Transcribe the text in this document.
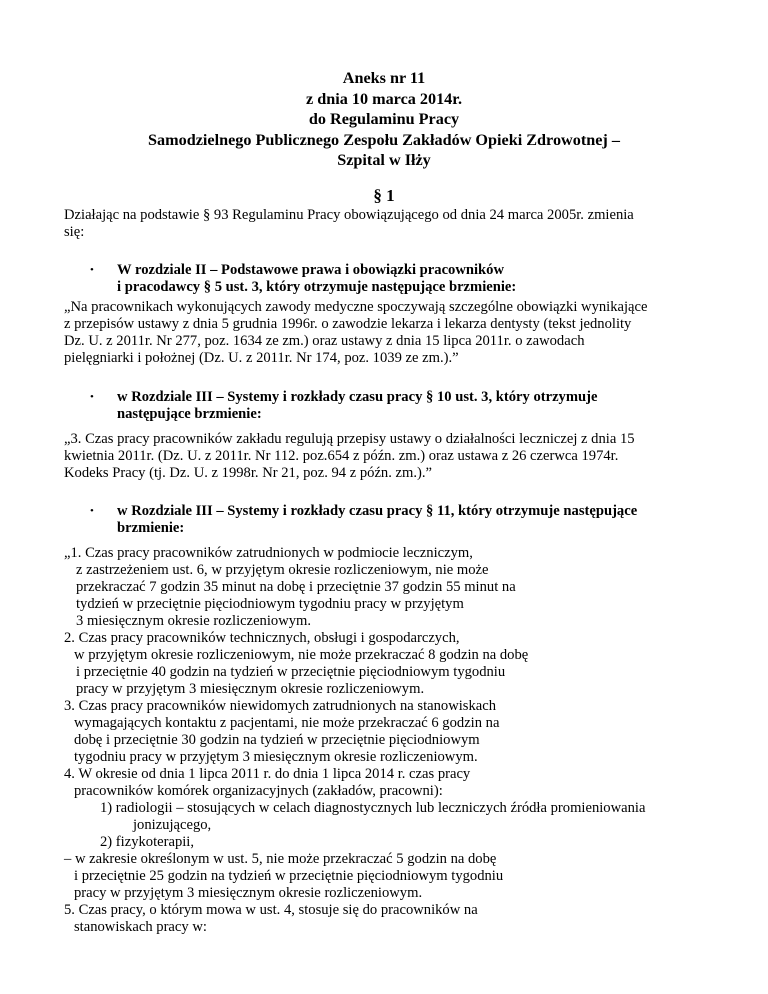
Aneks nr 11
z dnia 10 marca 2014r.
do Regulaminu Pracy
Samodzielnego Publicznego Zespołu Zakładów Opieki Zdrowotnej –
Szpital w Iłży
§ 1
Działając na podstawie § 93 Regulaminu Pracy obowiązującego od dnia 24 marca 2005r. zmienia
się:
• W rozdziale II – Podstawowe prawa i obowiązki pracowników
i pracodawcy § 5 ust. 3, który otrzymuje następujące brzmienie:
„Na pracownikach wykonujących zawody medyczne spoczywają szczególne obowiązki wynikające
z przepisów ustawy z dnia 5 grudnia 1996r. o zawodzie lekarza i lekarza dentysty (tekst jednolity
Dz. U. z 2011r. Nr 277, poz. 1634 ze zm.) oraz ustawy z dnia 15 lipca 2011r. o zawodach
pielęgniarki i położnej (Dz. U. z 2011r. Nr 174, poz. 1039 ze zm.).”
• w Rozdziale III – Systemy i rozkłady czasu pracy § 10 ust. 3, który otrzymuje
następujące brzmienie:
„3. Czas pracy pracowników zakładu regulują przepisy ustawy o działalności leczniczej z dnia 15
kwietnia 2011r. (Dz. U. z 2011r. Nr 112. poz.654 z późn. zm.) oraz ustawa z 26 czerwca 1974r.
Kodeks Pracy (tj. Dz. U. z 1998r. Nr 21, poz. 94 z późn. zm.).”
• w Rozdziale III – Systemy i rozkłady czasu pracy § 11, który otrzymuje następujące
brzmienie:
„1. Czas pracy pracowników zatrudnionych w podmiocie leczniczym,
z zastrzeżeniem ust. 6, w przyjętym okresie rozliczeniowym, nie może
przekraczać 7 godzin 35 minut na dobę i przeciętnie 37 godzin 55 minut na
tydzień w przeciętnie pięciodniowym tygodniu pracy w przyjętym
3 miesięcznym okresie rozliczeniowym.
2. Czas pracy pracowników technicznych, obsługi i gospodarczych,
w przyjętym okresie rozliczeniowym, nie może przekraczać 8 godzin na dobę
i przeciętnie 40 godzin na tydzień w przeciętnie pięciodniowym tygodniu
pracy w przyjętym 3 miesięcznym okresie rozliczeniowym.
3. Czas pracy pracowników niewidomych zatrudnionych na stanowiskach
wymagających kontaktu z pacjentami, nie może przekraczać 6 godzin na
dobę i przeciętnie 30 godzin na tydzień w przeciętnie pięciodniowym
tygodniu pracy w przyjętym 3 miesięcznym okresie rozliczeniowym.
4. W okresie od dnia 1 lipca 2011 r. do dnia 1 lipca 2014 r. czas pracy
pracowników komórek organizacyjnych (zakładów, pracowni):
1) radiologii – stosujących w celach diagnostycznych lub leczniczych źródła promieniowania
jonizującego,
2) fizykoterapii,
– w zakresie określonym w ust. 5, nie może przekraczać 5 godzin na dobę
i przeciętnie 25 godzin na tydzień w przeciętnie pięciodniowym tygodniu
pracy w przyjętym 3 miesięcznym okresie rozliczeniowym.
5. Czas pracy, o którym mowa w ust. 4, stosuje się do pracowników na
stanowiskach pracy w:
